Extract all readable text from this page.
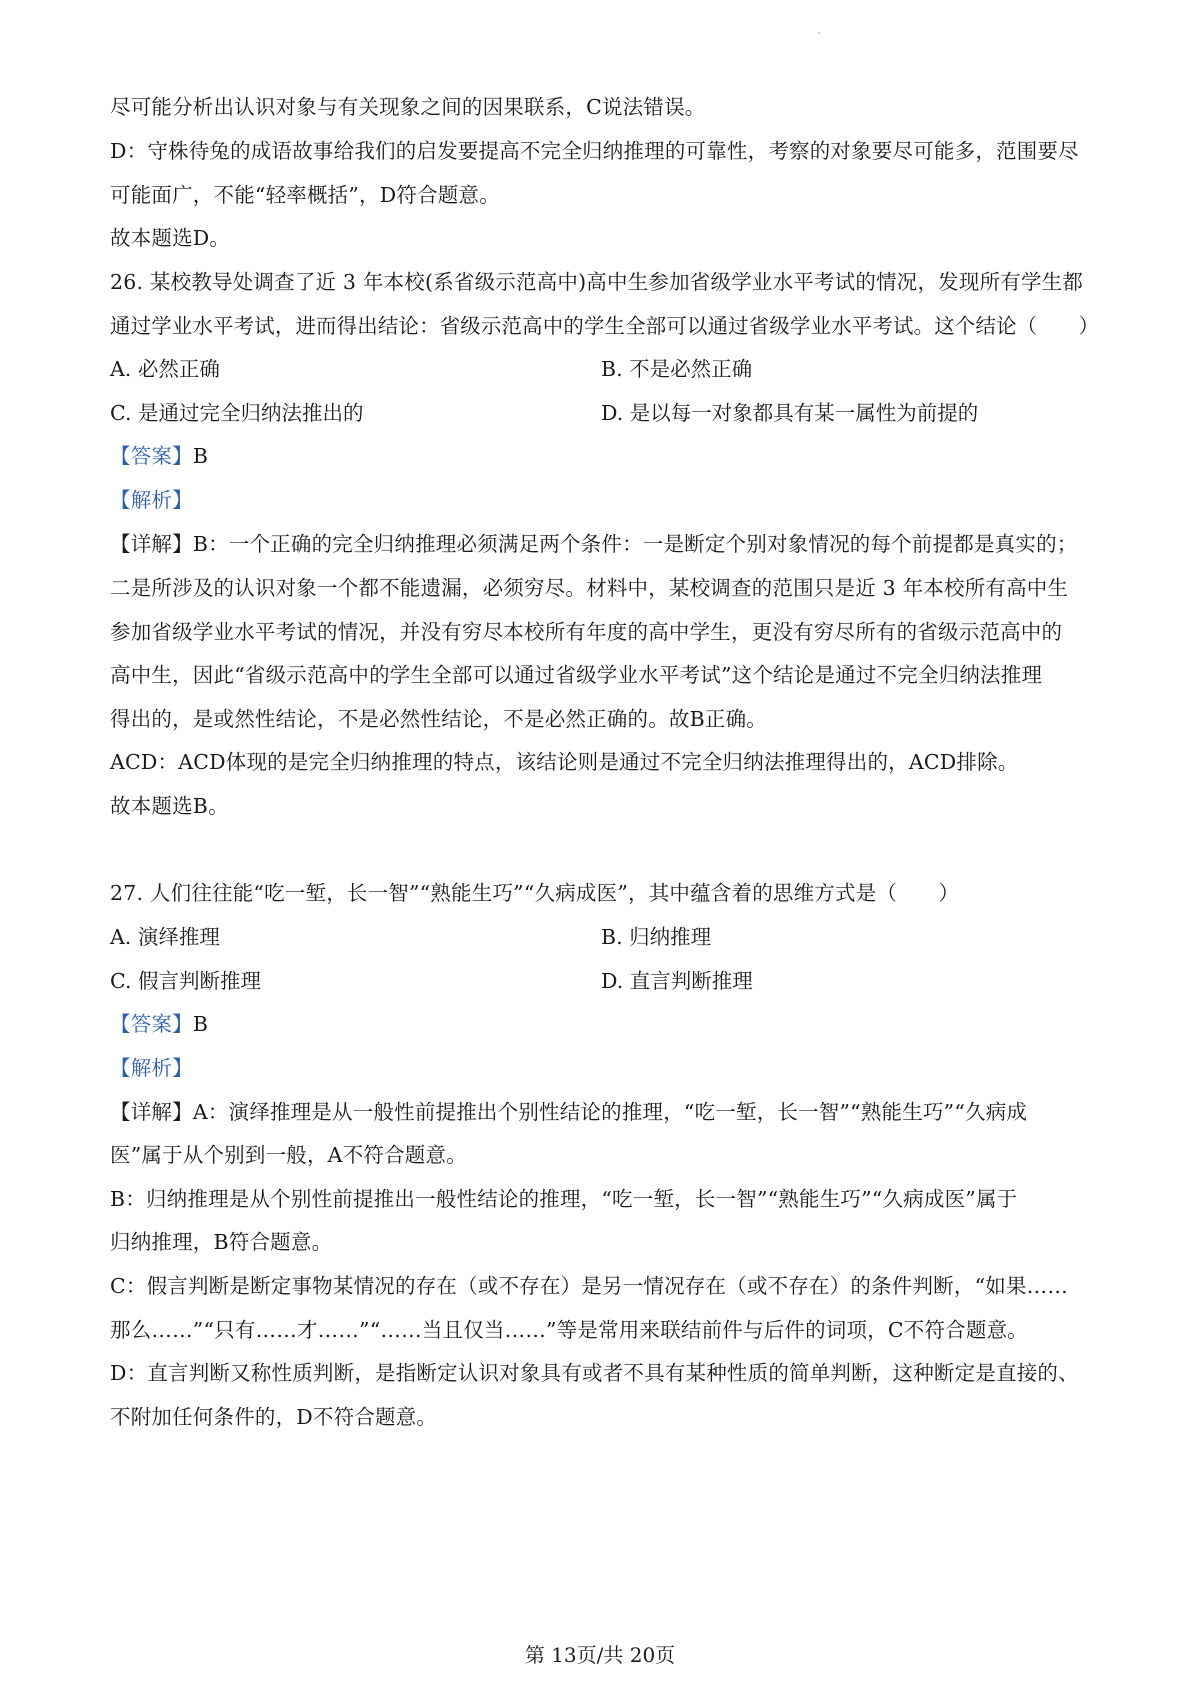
尽可能分析出认识对象与有关现象之间的因果联系，C说法错误。
D：守株待兔的成语故事给我们的启发要提高不完全归纳推理的可靠性，考察的对象要尽可能多，范围要尽
可能面广，不能“轻率概括”，D符合题意。
故本题选D。
26. 某校教导处调查了近 3 年本校(系省级示范高中)高中生参加省级学业水平考试的情况，发现所有学生都
通过学业水平考试，进而得出结论：省级示范高中的学生全部可以通过省级学业水平考试。这个结论（　　）
A. 必然正确	B. 不是必然正确
C. 是通过完全归纳法推出的	D. 是以每一对象都具有某一属性为前提的
【答案】B
【解析】
【详解】B：一个正确的完全归纳推理必须满足两个条件：一是断定个别对象情况的每个前提都是真实的；
二是所涉及的认识对象一个都不能遗漏，必须穷尽。材料中，某校调查的范围只是近 3 年本校所有高中生
参加省级学业水平考试的情况，并没有穷尽本校所有年度的高中学生，更没有穷尽所有的省级示范高中的
高中生，因此“省级示范高中的学生全部可以通过省级学业水平考试”这个结论是通过不完全归纳法推理
得出的，是或然性结论，不是必然性结论，不是必然正确的。故B正确。
ACD：ACD体现的是完全归纳推理的特点，该结论则是通过不完全归纳法推理得出的，ACD排除。
故本题选B。
27. 人们往往能“吃一堑，长一智”“熟能生巧”“久病成医”，其中蕴含着的思维方式是（　　）
A. 演绎推理	B. 归纳推理
C. 假言判断推理	D. 直言判断推理
【答案】B
【解析】
【详解】A：演绎推理是从一般性前提推出个别性结论的推理，“吃一堑，长一智”“熟能生巧”“久病成
医”属于从个别到一般，A不符合题意。
B：归纳推理是从个别性前提推出一般性结论的推理，“吃一堑，长一智”“熟能生巧”“久病成医”属于
归纳推理，B符合题意。
C：假言判断是断定事物某情况的存在（或不存在）是另一情况存在（或不存在）的条件判断，“如果……
那么……”“只有……才……”“……当且仅当……”等是常用来联结前件与后件的词项，C不符合题意。
D：直言判断又称性质判断，是指断定认识对象具有或者不具有某种性质的简单判断，这种断定是直接的、
不附加任何条件的，D不符合题意。
第 13页/共 20页
